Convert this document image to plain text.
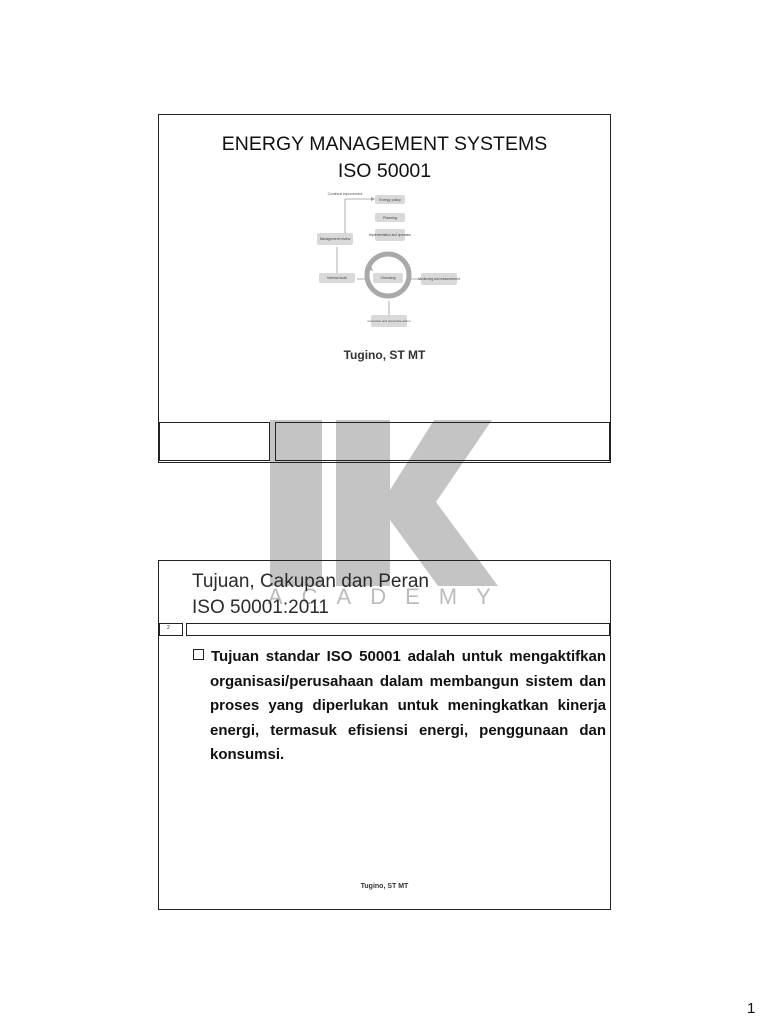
ACADEMY
ENERGY MANAGEMENT SYSTEMS
ISO 50001
Continual improvement
Energy policy
Planning
Implementation and operation
Management review
Internal audit	Checking	Monitoring and measurement
Corrective and preventive action
Tugino, ST MT
Tujuan, Cakupan dan Peran
ISO 50001:2011
2
Tujuan standar ISO 50001 adalah untuk mengaktifkan organisasi/perusahaan dalam membangun sistem dan proses yang diperlukan untuk meningkatkan kinerja energi, termasuk efisiensi energi, penggunaan dan konsumsi.
Tugino, ST MT
1
